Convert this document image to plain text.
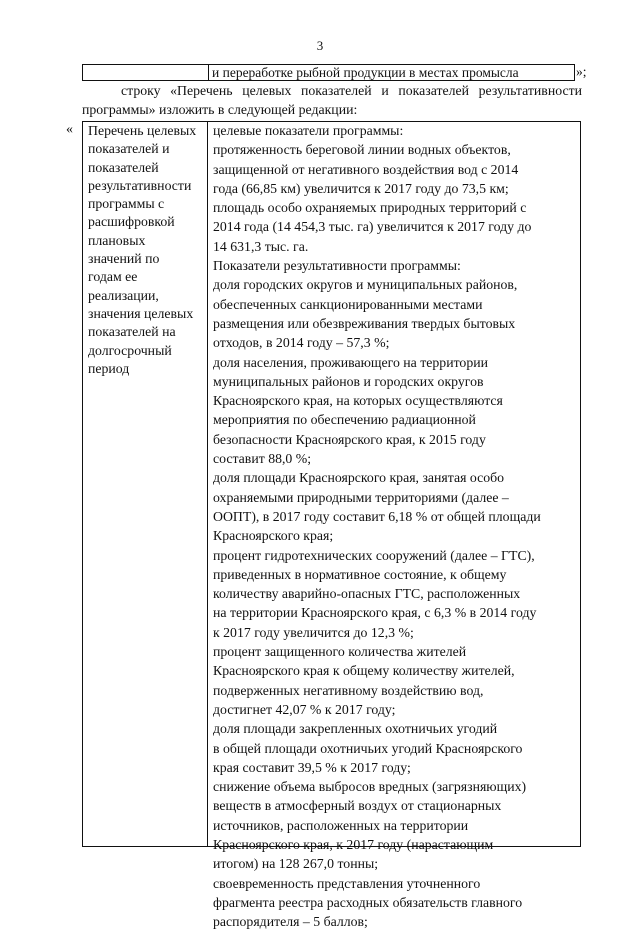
3
и переработке рыбной продукции в местах промысла	»;
строку «Перечень целевых показателей и показателей результативности
программы» изложить в следующей редакции:
« Перечень целевых
показателей и
показателей
результативности
программы с
расшифровкой
плановых
значений по
годам ее
реализации,
значения целевых
показателей на
долгосрочный
период
целевые показатели программы:
протяженность береговой линии водных объектов,
защищенной от негативного воздействия вод с 2014
года (66,85 км) увеличится к 2017 году до 73,5 км;
площадь особо охраняемых природных территорий с
2014 года (14 454,3 тыс. га) увеличится к 2017 году до
14 631,3 тыс. га.
Показатели результативности программы:
доля городских округов и муниципальных районов,
обеспеченных санкционированными местами
размещения или обезвреживания твердых бытовых
отходов, в 2014 году – 57,3 %;
доля населения, проживающего на территории
муниципальных районов и городских округов
Красноярского края, на которых осуществляются
мероприятия по обеспечению радиационной
безопасности Красноярского края, к 2015 году
составит 88,0 %;
доля площади Красноярского края, занятая особо
охраняемыми природными территориями (далее –
ООПТ), в 2017 году составит 6,18 % от общей площади
Красноярского края;
процент гидротехнических сооружений (далее – ГТС),
приведенных в нормативное состояние, к общему
количеству аварийно-опасных ГТС, расположенных
на территории Красноярского края, с 6,3 % в 2014 году
к 2017 году увеличится до 12,3 %;
процент защищенного количества жителей
Красноярского края к общему количеству жителей,
подверженных негативному воздействию вод,
достигнет 42,07 % к 2017 году;
доля площади закрепленных охотничьих угодий
в общей площади охотничьих угодий Красноярского
края составит 39,5 % к 2017 году;
снижение объема выбросов вредных (загрязняющих)
веществ в атмосферный воздух от стационарных
источников, расположенных на территории
Красноярского края, к 2017 году (нарастающим
итогом) на 128 267,0 тонны;
своевременность представления уточненного
фрагмента реестра расходных обязательств главного
распорядителя – 5 баллов;
